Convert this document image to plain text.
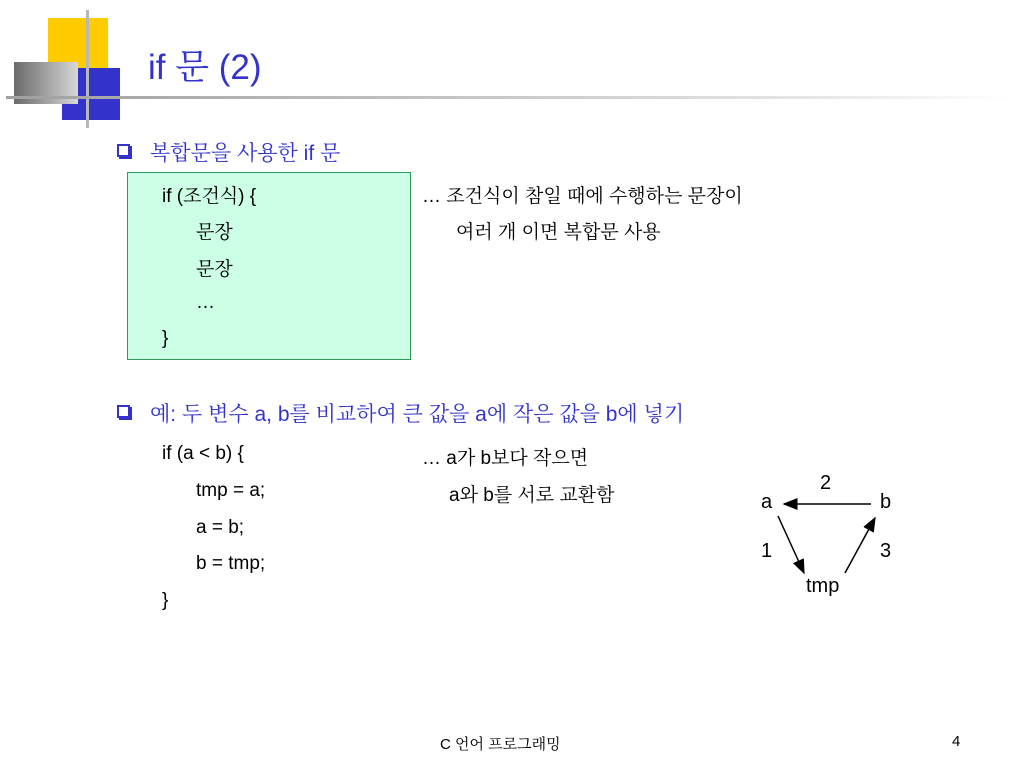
if 문 (2)
복합문을 사용한 if 문
if (조건식) {
문장
문장
…
}
… 조건식이 참일 때에 수행하는 문장이
여러 개 이면 복합문 사용
예: 두 변수 a, b를 비교하여 큰 값을 a에 작은 값을 b에 넣기
if (a < b) {
tmp = a;
a = b;
b = tmp;
}
… a가 b보다 작으면
a와 b를 서로 교환함	a	b
tmp
2
1	3
C 언어 프로그래밍	4
